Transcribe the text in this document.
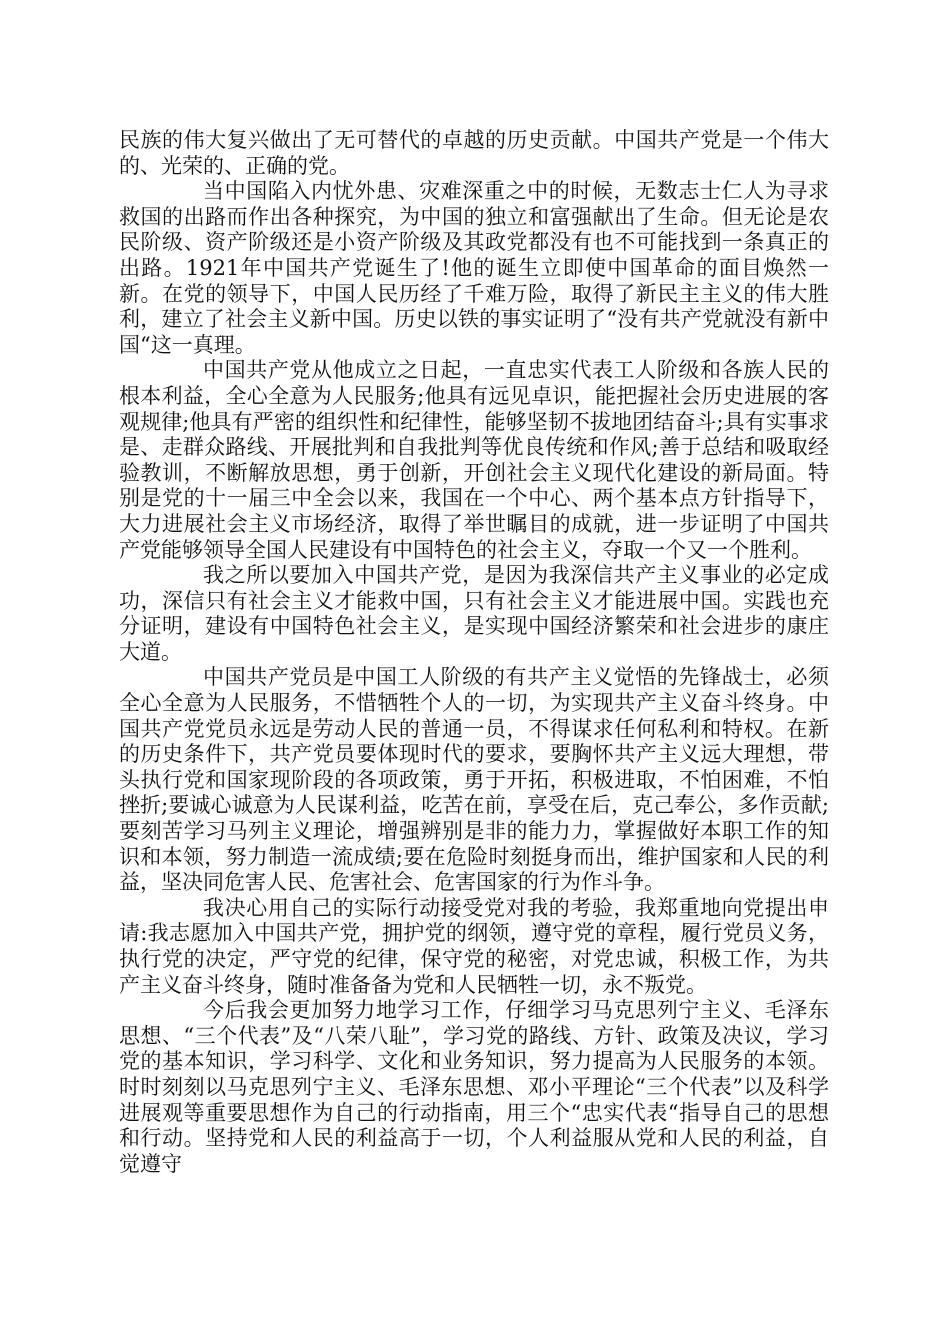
民族的伟大复兴做出了无可替代的卓越的历史贡献。中国共产党是一个伟大的、光荣的、正确的党。

当中国陷入内忧外患、灾难深重之中的时候，无数志士仁人为寻求救国的出路而作出各种探究，为中国的独立和富强献出了生命。但无论是农民阶级、资产阶级还是小资产阶级及其政党都没有也不可能找到一条真正的出路。1921年中国共产党诞生了!他的诞生立即使中国革命的面目焕然一新。在党的领导下，中国人民历经了千难万险，取得了新民主主义的伟大胜利，建立了社会主义新中国。历史以铁的事实证明了“没有共产党就没有新中国“这一真理。

中国共产党从他成立之日起，一直忠实代表工人阶级和各族人民的根本利益，全心全意为人民服务;他具有远见卓识，能把握社会历史进展的客观规律;他具有严密的组织性和纪律性，能够坚韧不拔地团结奋斗;具有实事求是、走群众路线、开展批判和自我批判等优良传统和作风;善于总结和吸取经验教训，不断解放思想，勇于创新，开创社会主义现代化建设的新局面。特别是党的十一届三中全会以来，我国在一个中心、两个基本点方针指导下，大力进展社会主义市场经济，取得了举世瞩目的成就，进一步证明了中国共产党能够领导全国人民建设有中国特色的社会主义，夺取一个又一个胜利。

我之所以要加入中国共产党，是因为我深信共产主义事业的必定成功，深信只有社会主义才能救中国，只有社会主义才能进展中国。实践也充分证明，建设有中国特色社会主义，是实现中国经济繁荣和社会进步的康庄大道。

中国共产党员是中国工人阶级的有共产主义觉悟的先锋战士，必须全心全意为人民服务，不惜牺牲个人的一切，为实现共产主义奋斗终身。中国共产党党员永远是劳动人民的普通一员，不得谋求任何私利和特权。在新的历史条件下，共产党员要体现时代的要求，要胸怀共产主义远大理想，带头执行党和国家现阶段的各项政策，勇于开拓，积极进取，不怕困难，不怕挫折;要诚心诚意为人民谋利益，吃苦在前，享受在后，克己奉公，多作贡献;要刻苦学习马列主义理论，增强辨别是非的能力力，掌握做好本职工作的知识和本领，努力制造一流成绩;要在危险时刻挺身而出，维护国家和人民的利益，坚决同危害人民、危害社会、危害国家的行为作斗争。

我决心用自己的实际行动接受党对我的考验，我郑重地向党提出申请:我志愿加入中国共产党，拥护党的纲领，遵守党的章程，履行党员义务，执行党的决定，严守党的纪律，保守党的秘密，对党忠诚，积极工作，为共产主义奋斗终身，随时准备备为党和人民牺牲一切，永不叛党。

今后我会更加努力地学习工作，仔细学习马克思列宁主义、毛泽东思想、“三个代表”及“八荣八耻”，学习党的路线、方针、政策及决议，学习党的基本知识，学习科学、文化和业务知识，努力提高为人民服务的本领。时时刻刻以马克思列宁主义、毛泽东思想、邓小平理论“三个代表”以及科学进展观等重要思想作为自己的行动指南，用三个“忠实代表“指导自己的思想和行动。坚持党和人民的利益高于一切，个人利益服从党和人民的利益，自觉遵守
